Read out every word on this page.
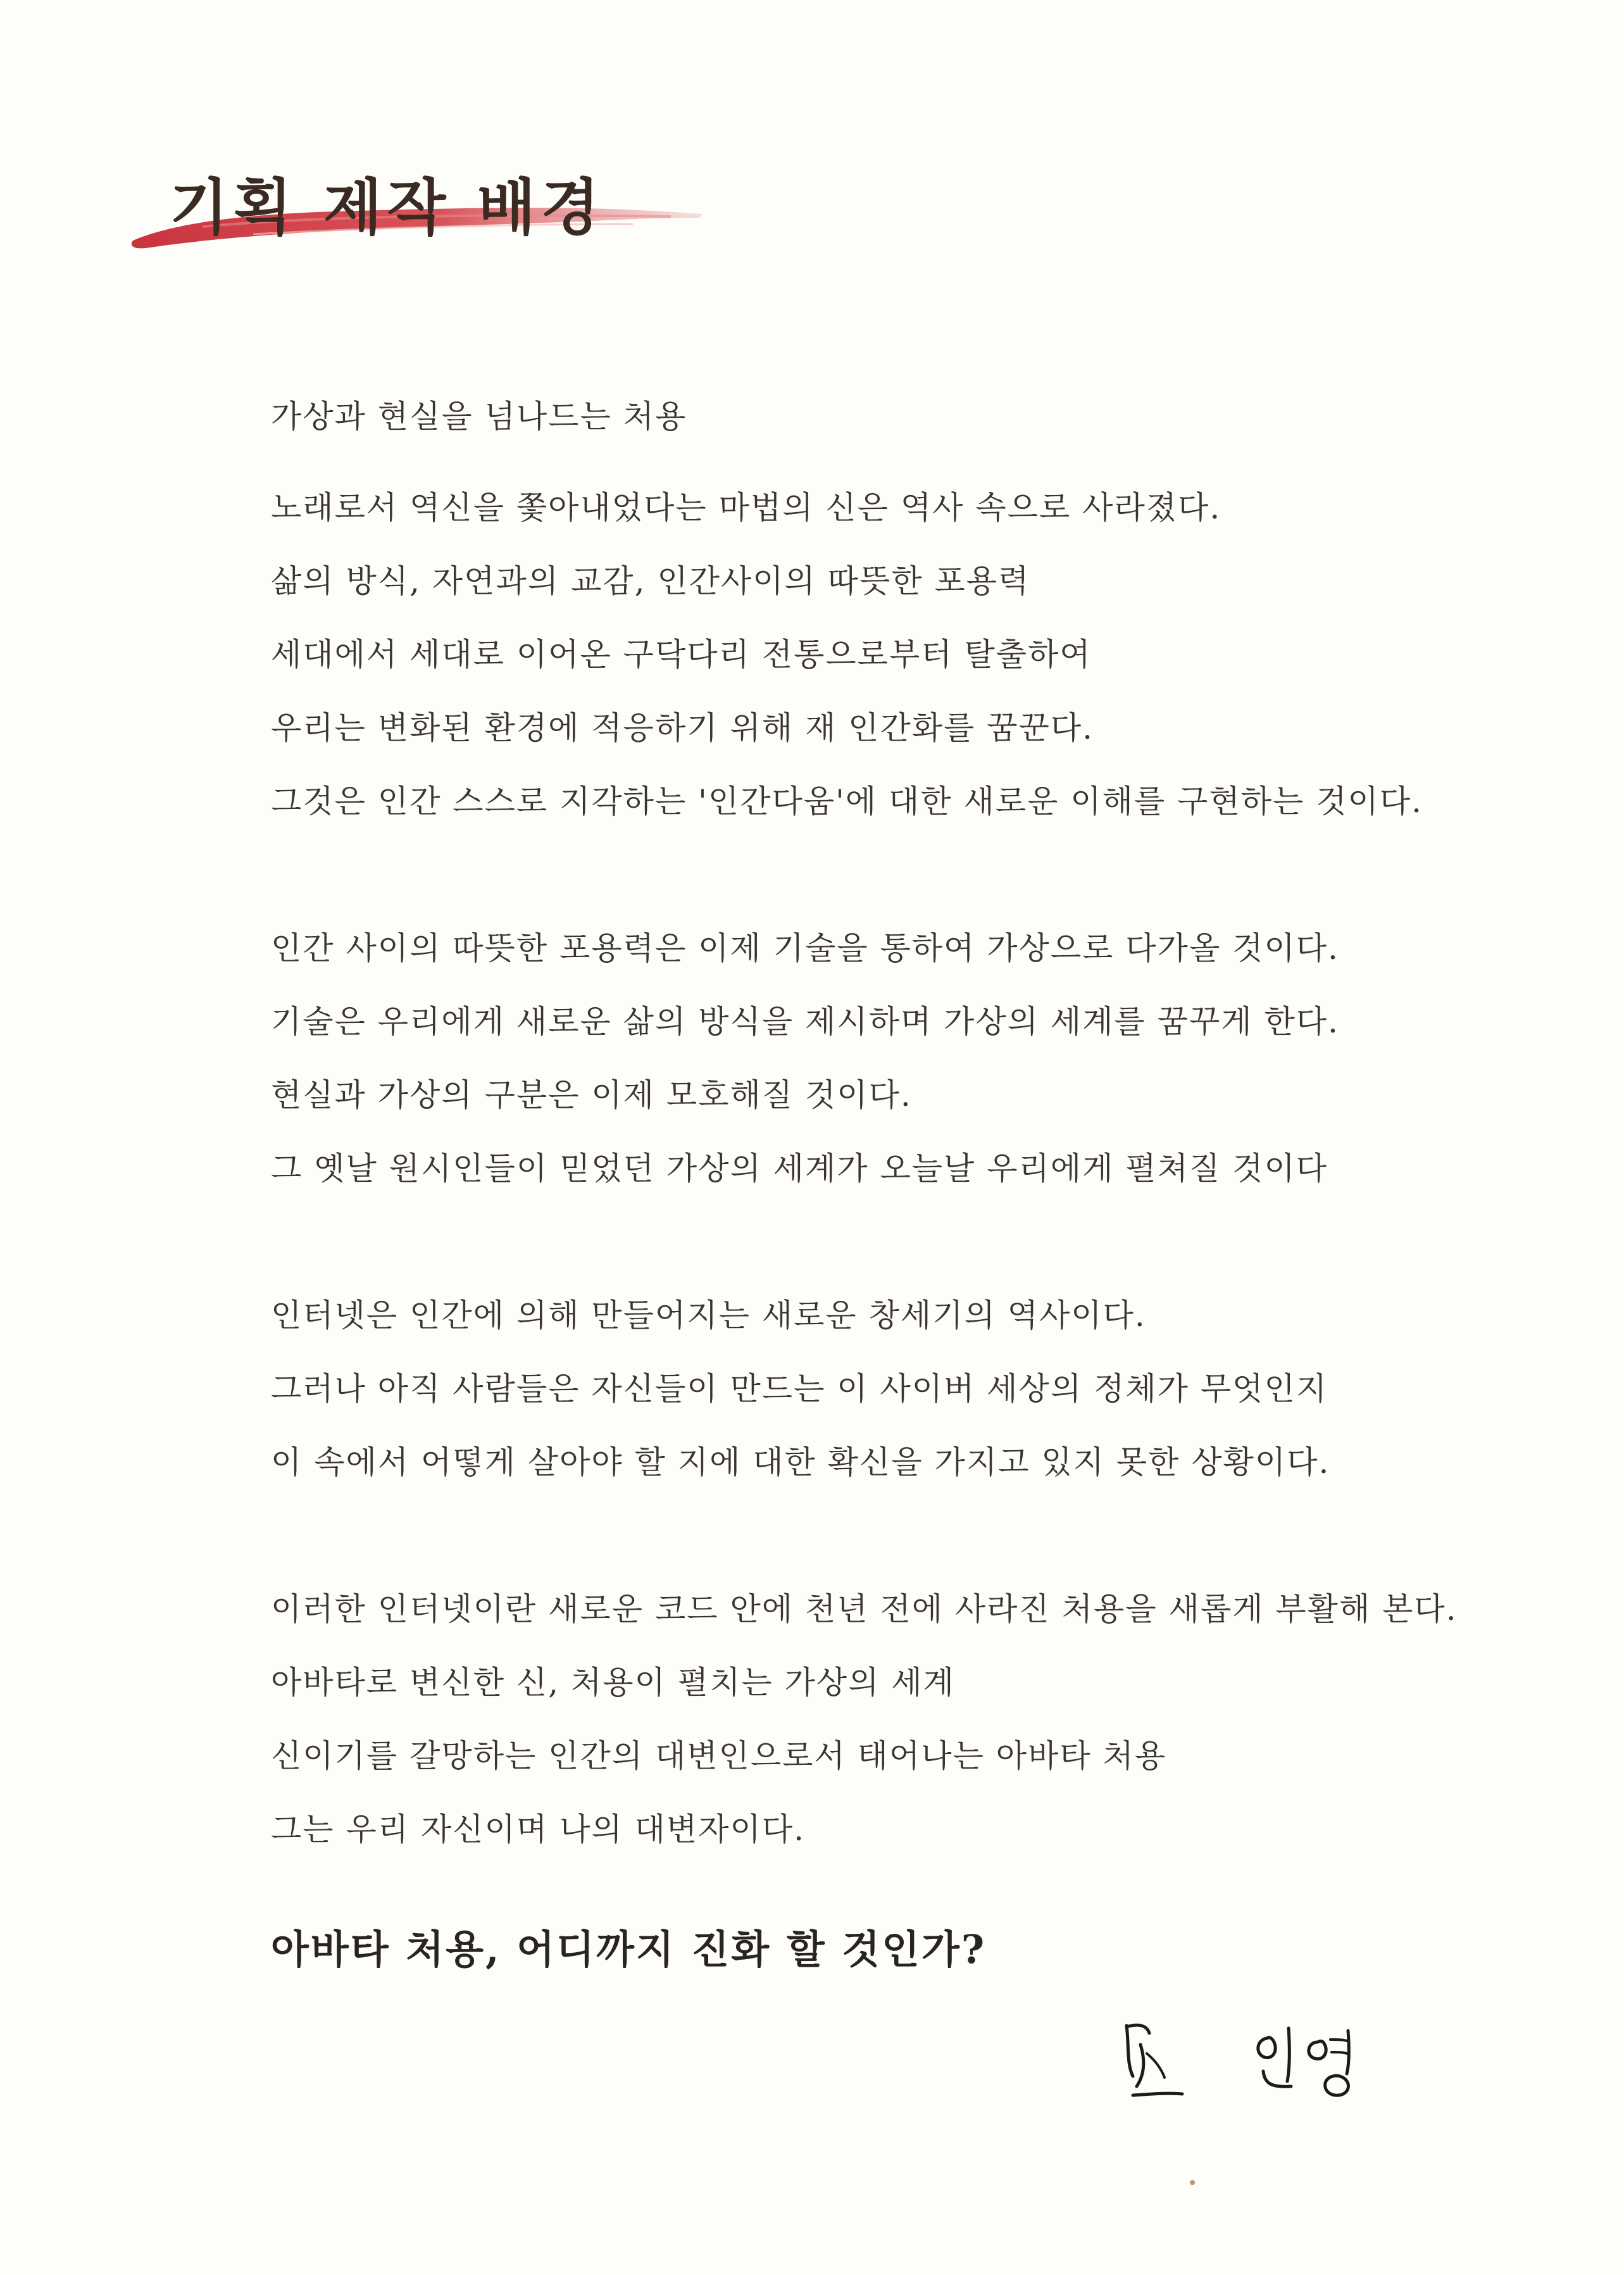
기획 제작 배경
가상과 현실을 넘나드는 처용
노래로서 역신을 쫓아내었다는 마법의 신은 역사 속으로 사라졌다.
삶의 방식, 자연과의 교감, 인간사이의 따뜻한 포용력
세대에서 세대로 이어온 구닥다리 전통으로부터 탈출하여
우리는 변화된 환경에 적응하기 위해 재 인간화를 꿈꾼다.
그것은 인간 스스로 지각하는 '인간다움'에 대한 새로운 이해를 구현하는 것이다.
인간 사이의 따뜻한 포용력은 이제 기술을 통하여 가상으로 다가올 것이다.
기술은 우리에게 새로운 삶의 방식을 제시하며 가상의 세계를 꿈꾸게 한다.
현실과 가상의 구분은 이제 모호해질 것이다.
그 옛날 원시인들이 믿었던 가상의 세계가 오늘날 우리에게 펼쳐질 것이다
인터넷은 인간에 의해 만들어지는 새로운 창세기의 역사이다.
그러나 아직 사람들은 자신들이 만드는 이 사이버 세상의 정체가 무엇인지
이 속에서 어떻게 살아야 할 지에 대한 확신을 가지고 있지 못한 상황이다.
이러한 인터넷이란 새로운 코드 안에 천년 전에 사라진 처용을 새롭게 부활해 본다.
아바타로 변신한 신, 처용이 펼치는 가상의 세계
신이기를 갈망하는 인간의 대변인으로서 태어나는 아바타 처용
그는 우리 자신이며 나의 대변자이다.
아바타 처용, 어디까지 진화 할 것인가?
